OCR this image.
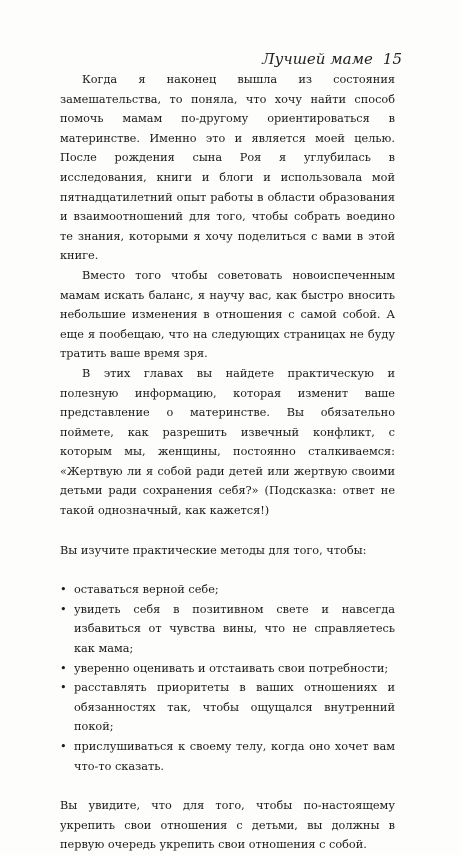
Лучшей маме 15

Когда я наконец вышла из состояния замешательства, то поняла, что хочу найти способ помочь мамам по-другому ориентироваться в материнстве. Именно это и является моей целью. После рождения сына Роя я углубилась в исследования, книги и блоги и использовала мой пятнадцатилетний опыт работы в области образования и взаимоотношений для того, чтобы собрать воедино те знания, которыми я хочу поделиться с вами в этой книге.

Вместо того чтобы советовать новоиспеченным мамам искать баланс, я научу вас, как быстро вносить небольшие изменения в отношения с самой собой. А еще я пообещаю, что на следующих страницах не буду тратить ваше время зря.

В этих главах вы найдете практическую и полезную информацию, которая изменит ваше представление о материнстве. Вы обязательно поймете, как разрешить извечный конфликт, с которым мы, женщины, постоянно сталкиваемся: «Жертвую ли я собой ради детей или жертвую своими детьми ради сохранения себя?» (Подсказка: ответ не такой однозначный, как кажется!)

Вы изучите практические методы для того, чтобы:

• оставаться верной себе;
• увидеть себя в позитивном свете и навсегда избавиться от чувства вины, что не справляетесь как мама;
• уверенно оценивать и отстаивать свои потребности;
• расставлять приоритеты в ваших отношениях и обязанностях так, чтобы ощущался внутренний покой;
• прислушиваться к своему телу, когда оно хочет вам что-то сказать.

Вы увидите, что для того, чтобы по-настоящему укрепить свои отношения с детьми, вы должны в первую очередь укрепить свои отношения с собой.
